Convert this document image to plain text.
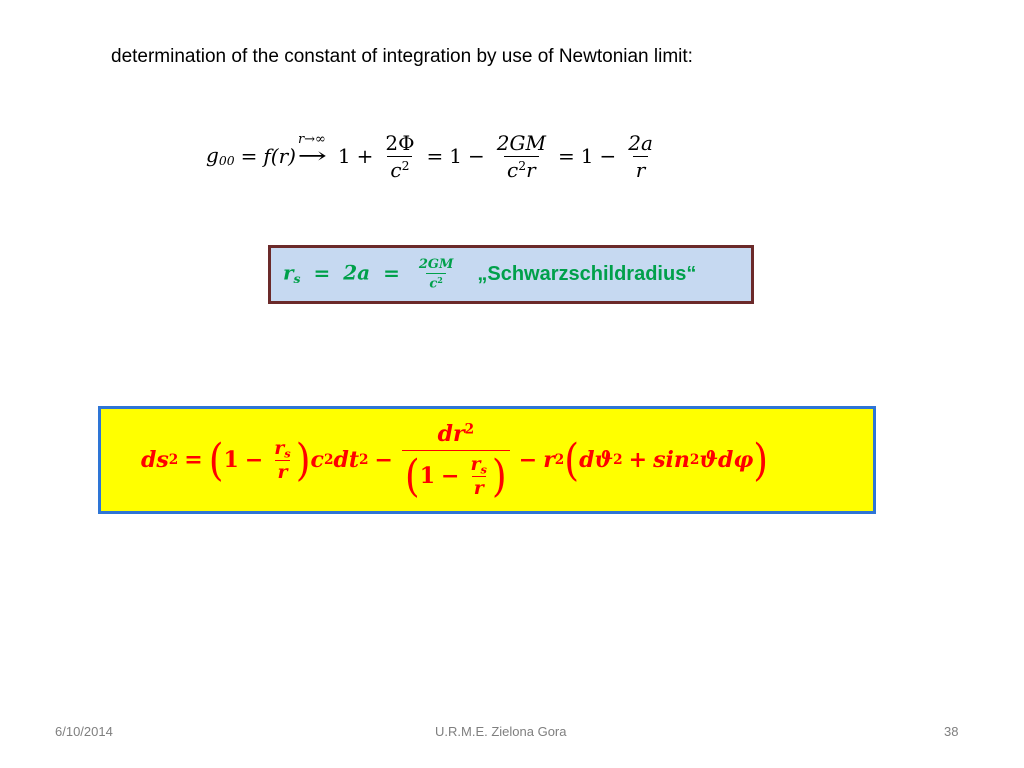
determination of the constant of integration by use of Newtonian limit:
$g_{00} = f(r)$
r→∞
→ $1 + \frac{2\Phi}{c^2} = 1 - \frac{2GM}{c^2r} = 1 - \frac{2a}{r}$
$r_s = 2a = \frac{2GM}{c^2}$ „Schwarzschildradius“
ds 2 = ( $1 - \frac{rs}{r}$ ) c 2 dt 2 −
$dr^2$
( $1 - \frac{rs}{r}$ ) − r 2 ( dϑ 2 + sin 2 ϑdφ )
6/10/2014	U.R.M.E. Zielona Gora	38
